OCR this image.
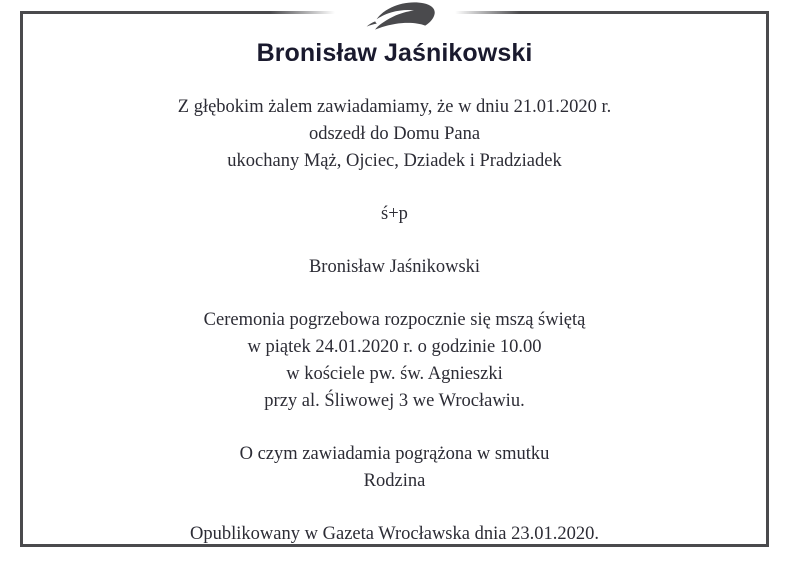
Bronisław Jaśnikowski
Z głębokim żalem zawiadamiamy, że w dniu 21.01.2020 r.
odszedł do Domu Pana
ukochany Mąż, Ojciec, Dziadek i Pradziadek
ś+p
Bronisław Jaśnikowski
Ceremonia pogrzebowa rozpocznie się mszą świętą
w piątek 24.01.2020 r. o godzinie 10.00
w kościele pw. św. Agnieszki
przy al. Śliwowej 3 we Wrocławiu.
O czym zawiadamia pogrążona w smutku
Rodzina
Opublikowany w Gazeta Wrocławska dnia 23.01.2020.
